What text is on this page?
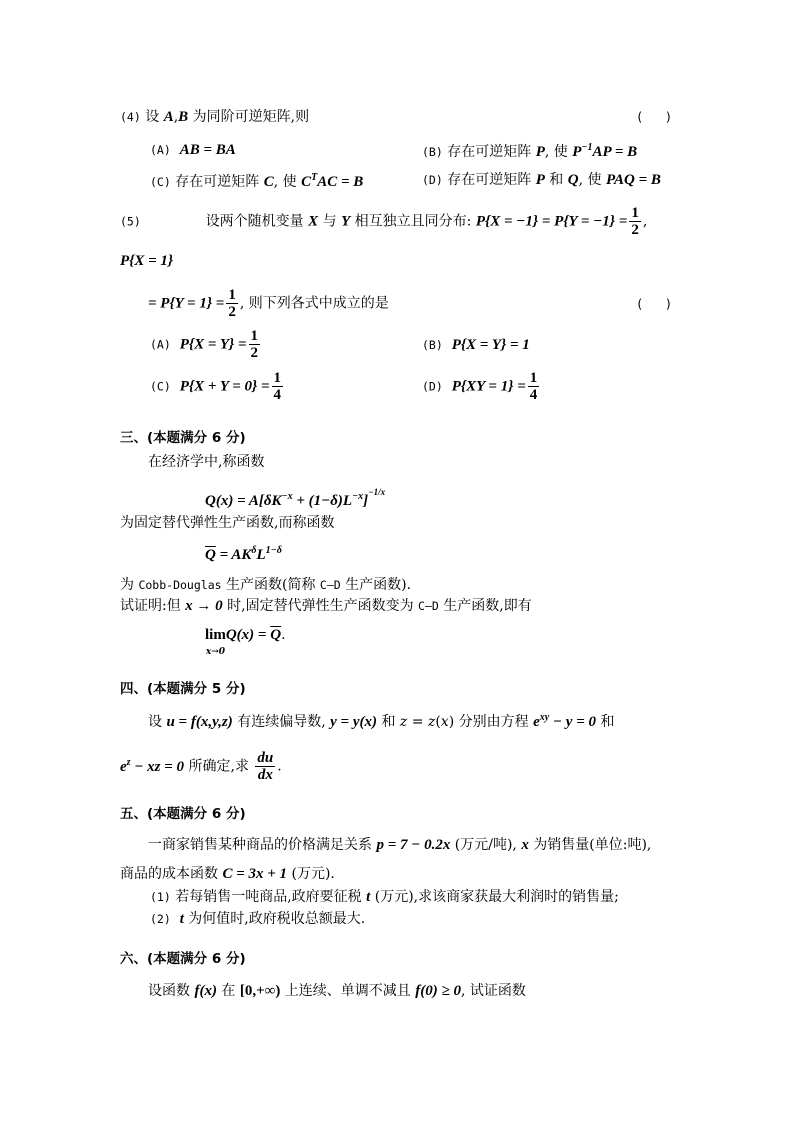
(4) 设 A,B 为同阶可逆矩阵,则	(   )
(A) AB = BA	(B) 存在可逆矩阵 P, 使 $P^{-1}AP = B$
(C) 存在可逆矩阵 C, 使 $C^TAC = B$	(D) 存在可逆矩阵 P 和 Q, 使 PAQ = B
(5)	设两个随机变量 X 与 Y 相互独立且同分布: $P\{X = -1\} = P\{Y = -1\} = \frac{1}{2}$ ,
P{X = 1}
= $P\{Y = 1\} = \frac{1}{2}$ , 则下列各式中成立的是	(   )
(A) $P\{X = Y\} = \frac{1}{2}$	(B) P{X = Y} = 1
(C) $P\{X + Y = 0\} = \frac{1}{4}$	(D) $P\{XY = 1\} = \frac{1}{4}$
三、(本题满分 6 分)
在经济学中,称函数
$Q(x) = A[\delta K^{-x} + (1-\delta)L^{-x}]^{-1/x}$
为固定替代弹性生产函数,而称函数
$\overline{Q} = AK^\delta L^{1-\delta}$
为 Cobb-Douglas 生产函数(简称 C—D 生产函数).
试证明:但 x → 0 时,固定替代弹性生产函数变为 C—D 生产函数,即有
lim
$x\to 0Q(x) = \overline{Q}$.
四、(本题满分 5 分)
设 u = f(x,y,z) 有连续偏导数, y = y(x) 和 z = z(x) 分别由方程 $e^{xy} - y = 0$ 和
$e^z$ − xz = 0 所确定,求 $\frac{du}{dx}$ .
五、(本题满分 6 分)
一商家销售某种商品的价格满足关系 p = 7 − 0.2x (万元/吨), x 为销售量(单位:吨),
商品的成本函数 C = 3x + 1 (万元).
(1) 若每销售一吨商品,政府要征税 t (万元),求该商家获最大利润时的销售量;
(2) t 为何值时,政府税收总额最大.
六、(本题满分 6 分)
设函数 f(x) 在 [0,+∞) 上连续、单调不减且 f(0) ≥ 0, 试证函数
